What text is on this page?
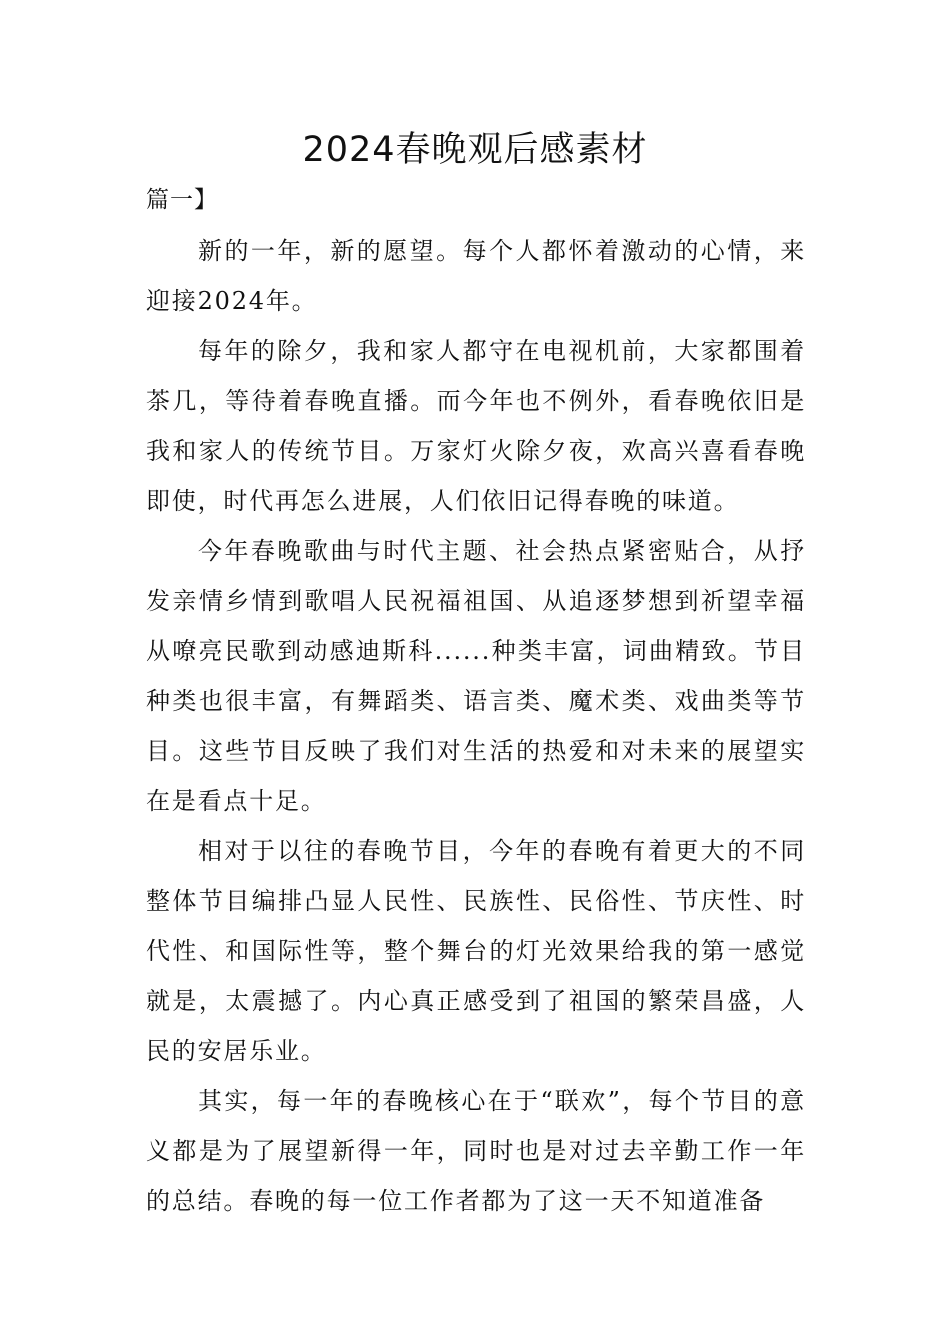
2024春晚观后感素材
篇一】

新的一年，新的愿望。每个人都怀着激动的心情，来迎接2024年。

每年的除夕，我和家人都守在电视机前，大家都围着茶几，等待着春晚直播。而今年也不例外，看春晚依旧是我和家人的传统节目。万家灯火除夕夜，欢高兴喜看春晚即使，时代再怎么进展，人们依旧记得春晚的味道。

今年春晚歌曲与时代主题、社会热点紧密贴合，从抒发亲情乡情到歌唱人民祝福祖国、从追逐梦想到祈望幸福从嘹亮民歌到动感迪斯科......种类丰富，词曲精致。节目种类也很丰富，有舞蹈类、语言类、魔术类、戏曲类等节目。这些节目反映了我们对生活的热爱和对未来的展望实在是看点十足。

相对于以往的春晚节目，今年的春晚有着更大的不同整体节目编排凸显人民性、民族性、民俗性、节庆性、时代性、和国际性等，整个舞台的灯光效果给我的第一感觉就是，太震撼了。内心真正感受到了祖国的繁荣昌盛，人民的安居乐业。

其实，每一年的春晚核心在于“联欢”，每个节目的意义都是为了展望新得一年，同时也是对过去辛勤工作一年的总结。春晚的每一位工作者都为了这一天不知道准备
